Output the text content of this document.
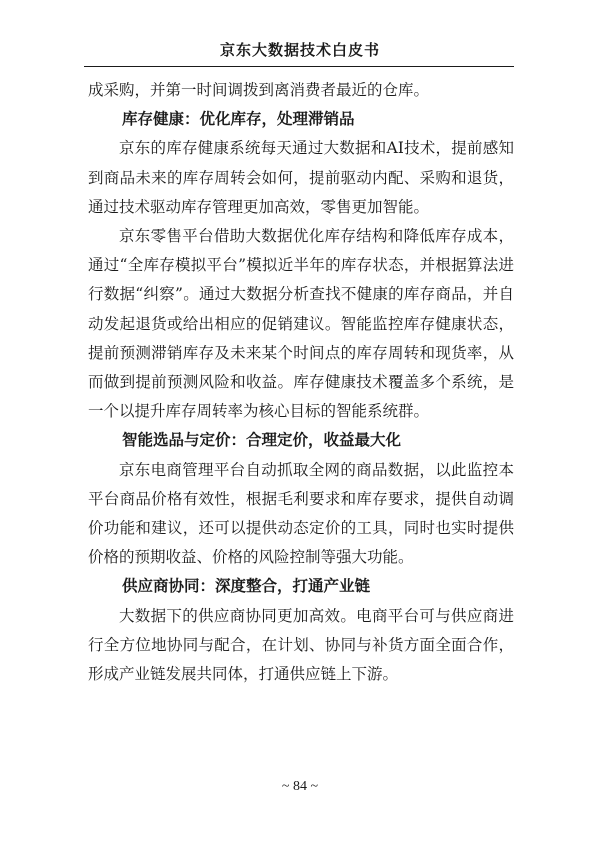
京东大数据技术白皮书

成采购，并第一时间调拨到离消费者最近的仓库。

库存健康：优化库存，处理滞销品

京东的库存健康系统每天通过大数据和AI技术，提前感知到商品未来的库存周转会如何，提前驱动内配、采购和退货，通过技术驱动库存管理更加高效，零售更加智能。

京东零售平台借助大数据优化库存结构和降低库存成本，通过“全库存模拟平台”模拟近半年的库存状态，并根据算法进行数据“纠察”。通过大数据分析查找不健康的库存商品，并自动发起退货或给出相应的促销建议。智能监控库存健康状态，提前预测滞销库存及未来某个时间点的库存周转和现货率，从而做到提前预测风险和收益。库存健康技术覆盖多个系统，是一个以提升库存周转率为核心目标的智能系统群。

智能选品与定价：合理定价，收益最大化

京东电商管理平台自动抓取全网的商品数据，以此监控本平台商品价格有效性，根据毛利要求和库存要求，提供自动调价功能和建议，还可以提供动态定价的工具，同时也实时提供价格的预期收益、价格的风险控制等强大功能。

供应商协同：深度整合，打通产业链

大数据下的供应商协同更加高效。电商平台可与供应商进行全方位地协同与配合，在计划、协同与补货方面全面合作，形成产业链发展共同体，打通供应链上下游。

~ 84 ~
